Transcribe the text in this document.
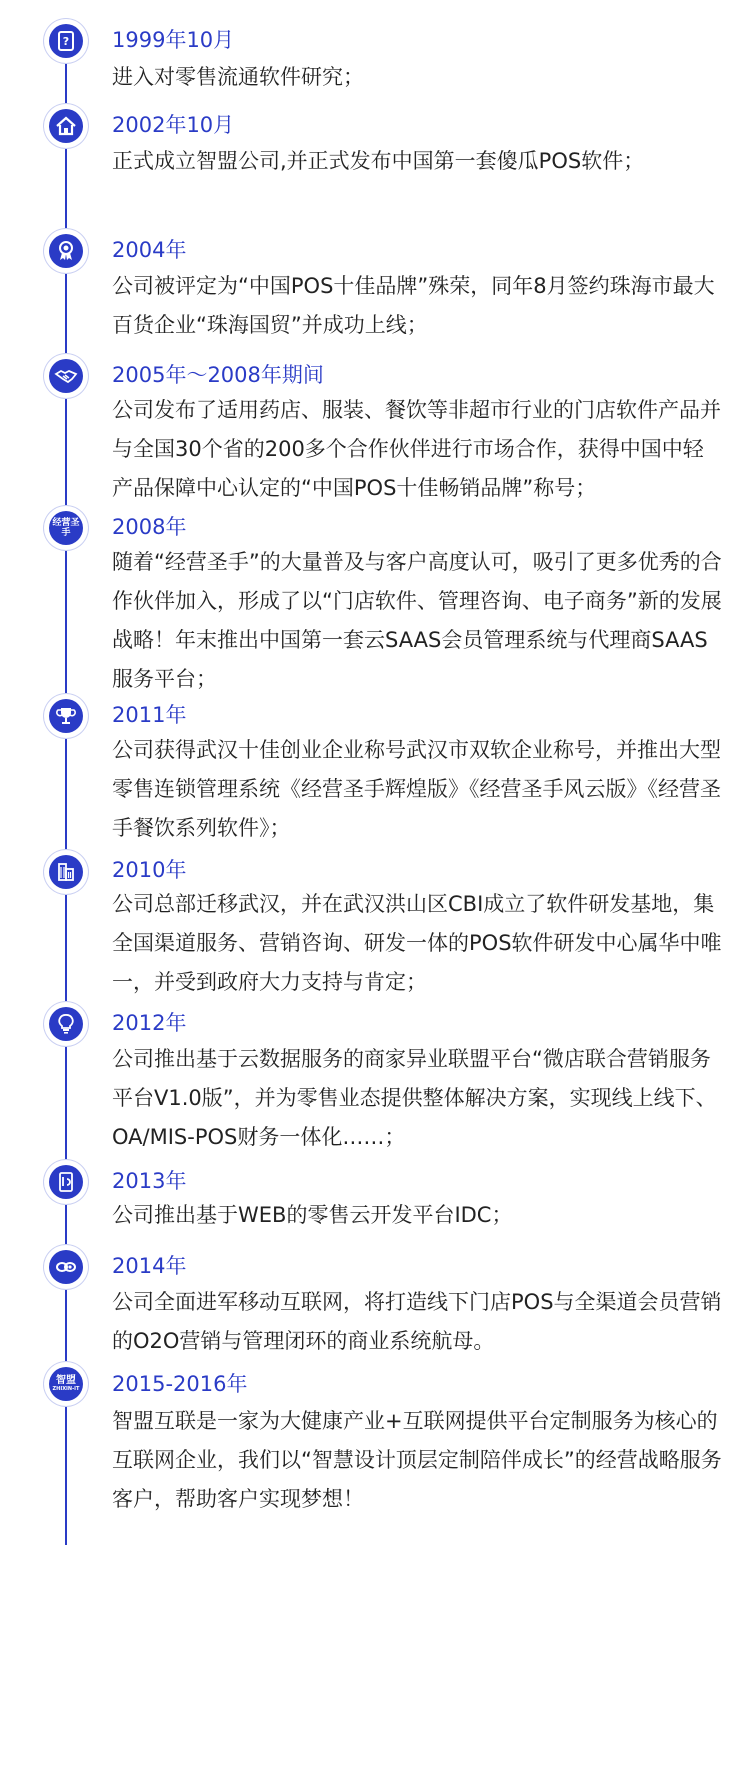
? 1999年10月
进入对零售流通软件研究；
2002年10月
正式成立智盟公司,并正式发布中国第一套傻瓜POS软件；
2004年
公司被评定为“中国POS十佳品牌”殊荣，同年8月签约珠海市最大百货企业“珠海国贸”并成功上线；
2005年～2008年期间
公司发布了适用药店、服装、餐饮等非超市行业的门店软件产品并与全国30个省的200多个合作伙伴进行市场合作，获得中国中轻产品保障中心认定的“中国POS十佳畅销品牌”称号；
经营圣手	2008年
随着“经营圣手”的大量普及与客户高度认可，吸引了更多优秀的合作伙伴加入，形成了以“门店软件、管理咨询、电子商务”新的发展战略！年末推出中国第一套云SAAS会员管理系统与代理商SAAS服务平台；
2011年
公司获得武汉十佳创业企业称号武汉市双软企业称号，并推出大型零售连锁管理系统《经营圣手辉煌版》《经营圣手风云版》《经营圣手餐饮系列软件》；
2010年
公司总部迁移武汉，并在武汉洪山区CBI成立了软件研发基地，集全国渠道服务、营销咨询、研发一体的POS软件研发中心属华中唯一，并受到政府大力支持与肯定；
2012年
公司推出基于云数据服务的商家异业联盟平台“微店联合营销服务平台V1.0版”，并为零售业态提供整体解决方案，实现线上线下、OA/MIS-POS财务一体化……；
2013年
公司推出基于WEB的零售云开发平台IDC；
2014年
公司全面进军移动互联网，将打造线下门店POS与全渠道会员营销的O2O营销与管理闭环的商业系统航母。
智盟
ZHIXIN-IT 2015-2016年
智盟互联是一家为大健康产业+互联网提供平台定制服务为核心的互联网企业，我们以“智慧设计顶层定制陪伴成长”的经营战略服务客户，帮助客户实现梦想！
